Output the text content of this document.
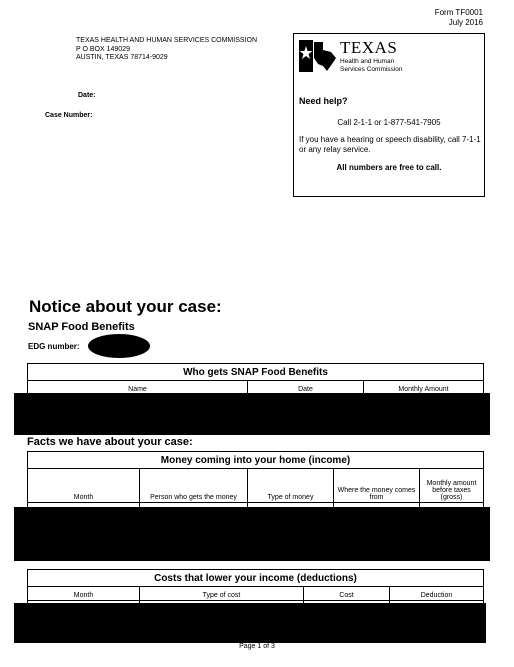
Form TF0001
July 2016
TEXAS HEALTH AND HUMAN SERVICES COMMISSION
P O BOX 149029
AUSTIN, TEXAS 78714-9029
Date:
Case Number:
TEXAS
Health and Human
Services Commission
Need help?
Call 2-1-1 or 1-877-541-7905
If you have a hearing or speech disability, call 7-1-1 or any relay service.
All numbers are free to call.
Notice about your case:
SNAP Food Benefits
EDG number:
Who gets SNAP Food Benefits		
Name	Date	Monthly Amount

Facts we have about your case:
Money coming into your home (income)				
Month	Person who gets the money	Type of money	Where the money comes from	Monthly amount before taxes (gross)

Costs that lower your income (deductions)			
Month	Type of cost	Cost	Deduction

Page 1 of 3
